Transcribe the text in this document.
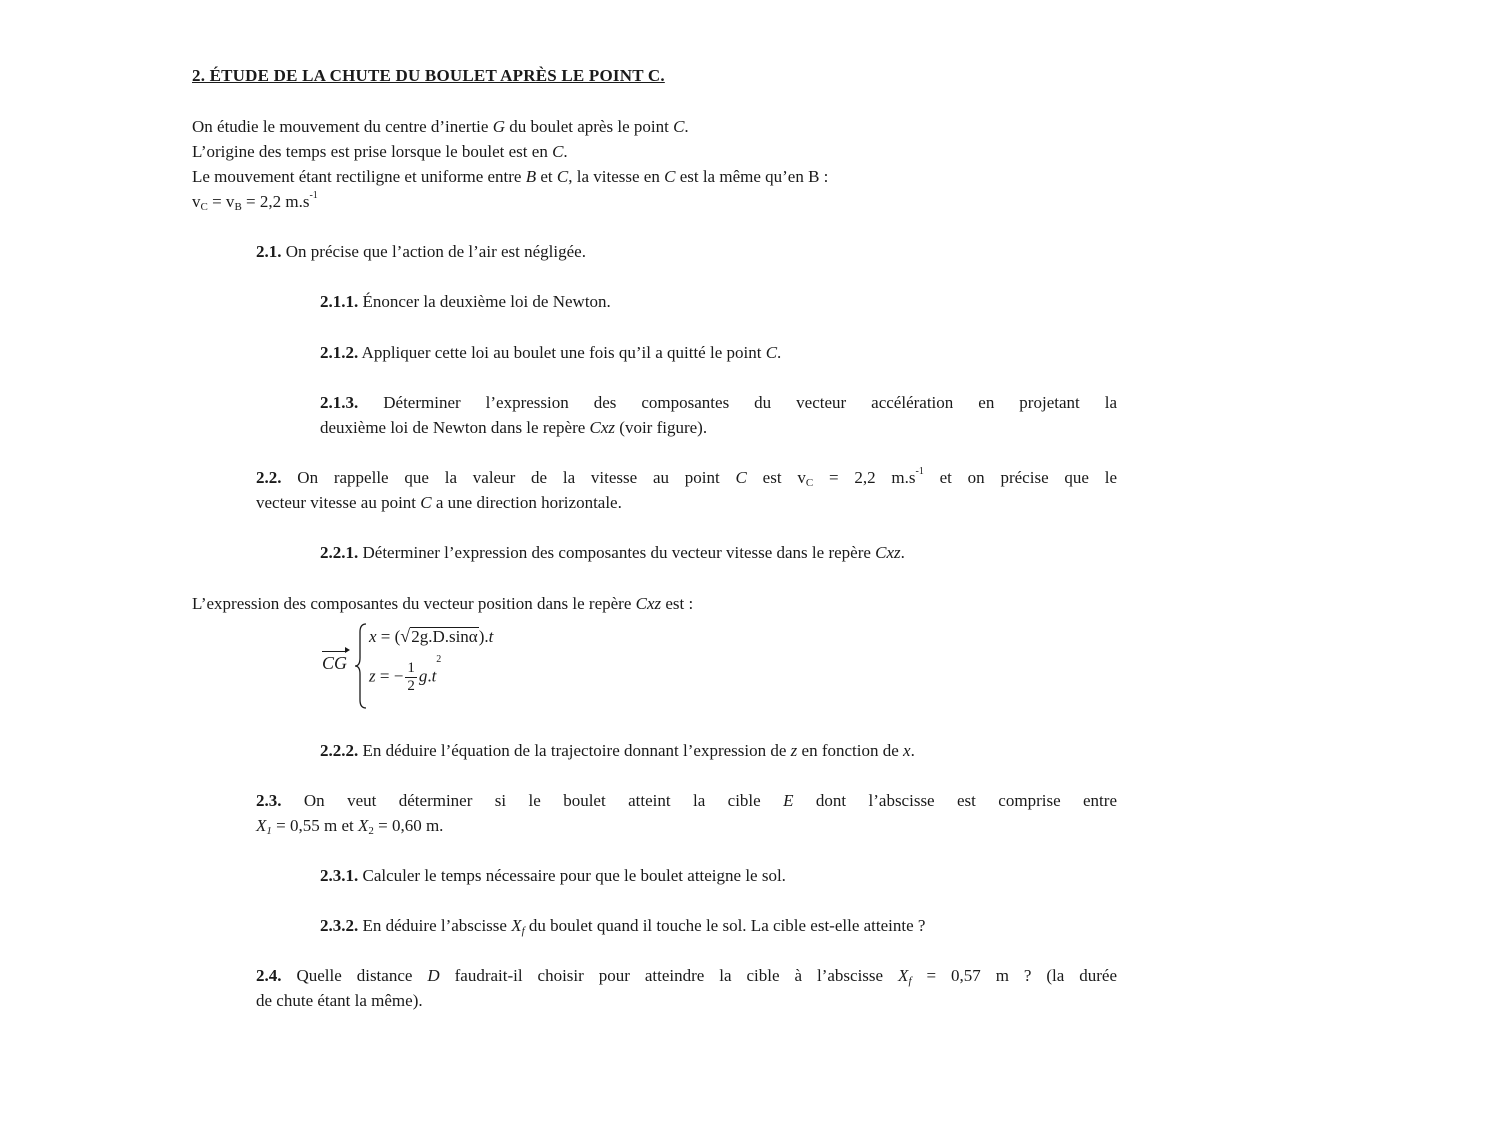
2. ÉTUDE DE LA CHUTE DU BOULET APRÈS LE POINT C.
On étudie le mouvement du centre d’inertie G du boulet après le point C.
L’origine des temps est prise lorsque le boulet est en C.
Le mouvement étant rectiligne et uniforme entre B et C, la vitesse en C est la même qu’en B :
$v_C = v_B = 2,2$ $m.s^{-1}$
2.1. On précise que l’action de l’air est négligée.
2.1.1. Énoncer la deuxième loi de Newton.
2.1.2. Appliquer cette loi au boulet une fois qu’il a quitté le point C.
2.1.3. Déterminer l’expression des composantes du vecteur accélération en projetant la
deuxième loi de Newton dans le repère Cxz (voir figure).
2.2. On rappelle que la valeur de la vitesse au point C est $v_C = 2,2$ $m.s^{-1}$ et on précise que le
vecteur vitesse au point C a une direction horizontale.
2.2.1. Déterminer l’expression des composantes du vecteur vitesse dans le repère Cxz.
L’expression des composantes du vecteur position dans le repère Cxz est :
CG
x = (√2g.D.sinα).t
z = − $\frac{1}{2} g.t^2$
2.2.2. En déduire l’équation de la trajectoire donnant l’expression de z en fonction de x.
2.3. On veut déterminer si le boulet atteint la cible E dont l’abscisse est comprise entre
$X_1 = 0,55$ m et $X_2 = 0,60$ m.
2.3.1. Calculer le temps nécessaire pour que le boulet atteigne le sol.
2.3.2. En déduire l’abscisse $X_f$ du boulet quand il touche le sol. La cible est-elle atteinte ?
2.4. Quelle distance D faudrait-il choisir pour atteindre la cible à l’abscisse $X_f = 0,57$ m ? (la durée
de chute étant la même).
